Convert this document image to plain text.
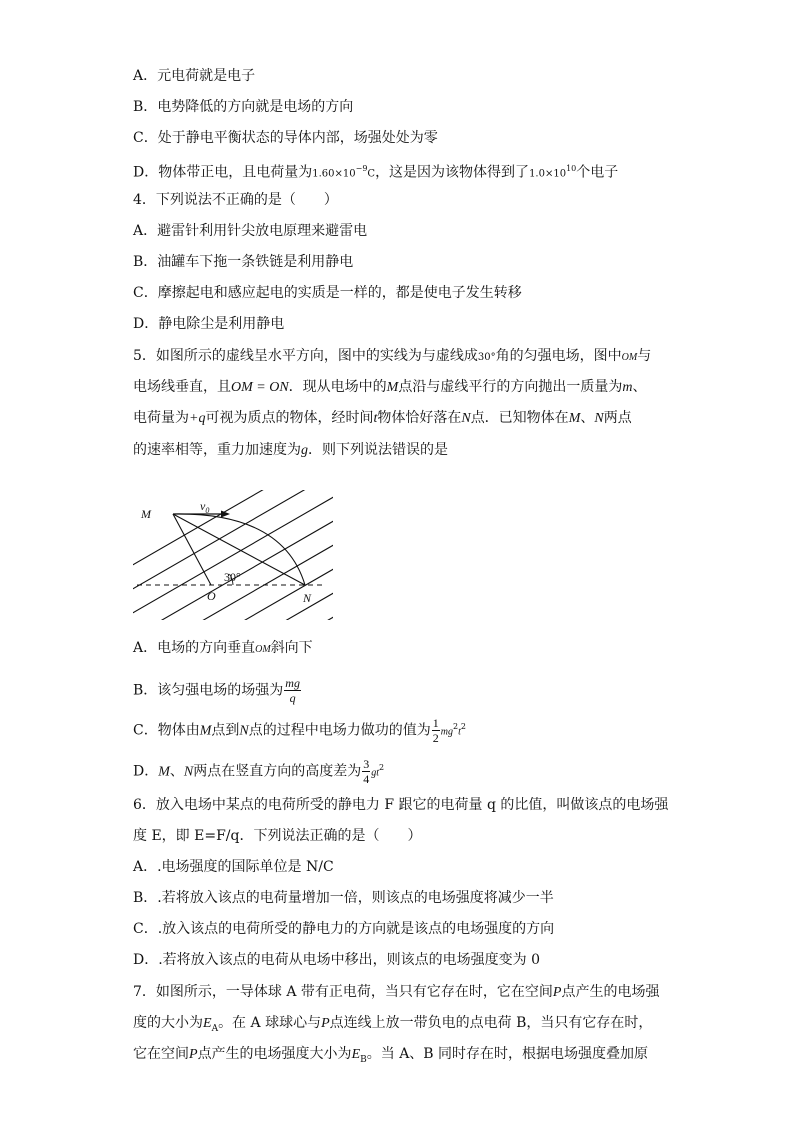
A．元电荷就是电子
B．电势降低的方向就是电场的方向
C．处于静电平衡状态的导体内部，场强处处为零
D．物体带正电，且电荷量为$1.60\times 10^{-9}C$，这是因为该物体得到了$1.0\times 10^{10}$个电子
4．下列说法不正确的是（　　）
A．避雷针利用针尖放电原理来避雷电
B．油罐车下拖一条铁链是利用静电
C．摩擦起电和感应起电的实质是一样的，都是使电子发生转移
D．静电除尘是利用静电
5．如图所示的虚线呈水平方向，图中的实线为与虚线成30°角的匀强电场，图中OM与
电场线垂直，且OM = ON．现从电场中的M点沿与虚线平行的方向抛出一质量为m、
电荷量为+q可视为质点的物体，经时间t物体恰好落在N点．已知物体在M、N两点
的速率相等，重力加速度为g．则下列说法错误的是
M
$v_0$
30°
O	N
A．电场的方向垂直OM斜向下
B．该匀强电场的场强为 $\frac{mg}{q}$
C．物体由M点到N点的过程中电场力做功的值为 $\frac{1}{2} mg^2t^2$
D．M、N两点在竖直方向的高度差为 $\frac{3}{4} gt^2$
6．放入电场中某点的电荷所受的静电力 F 跟它的电荷量 q 的比值，叫做该点的电场强
度 E，即 E=F/q．下列说法正确的是（　　）
A．.电场强度的国际单位是 N/C
B．.若将放入该点的电荷量增加一倍，则该点的电场强度将减少一半
C．.放入该点的电荷所受的静电力的方向就是该点的电场强度的方向
D．.若将放入该点的电荷从电场中移出，则该点的电场强度变为 0
7．如图所示，一导体球 A 带有正电荷，当只有它存在时，它在空间P点产生的电场强
度的大小为$E_A$。在 A 球球心与P点连线上放一带负电的点电荷 B，当只有它存在时，
它在空间P点产生的电场强度大小为$E_B$。当 A、B 同时存在时，根据电场强度叠加原
